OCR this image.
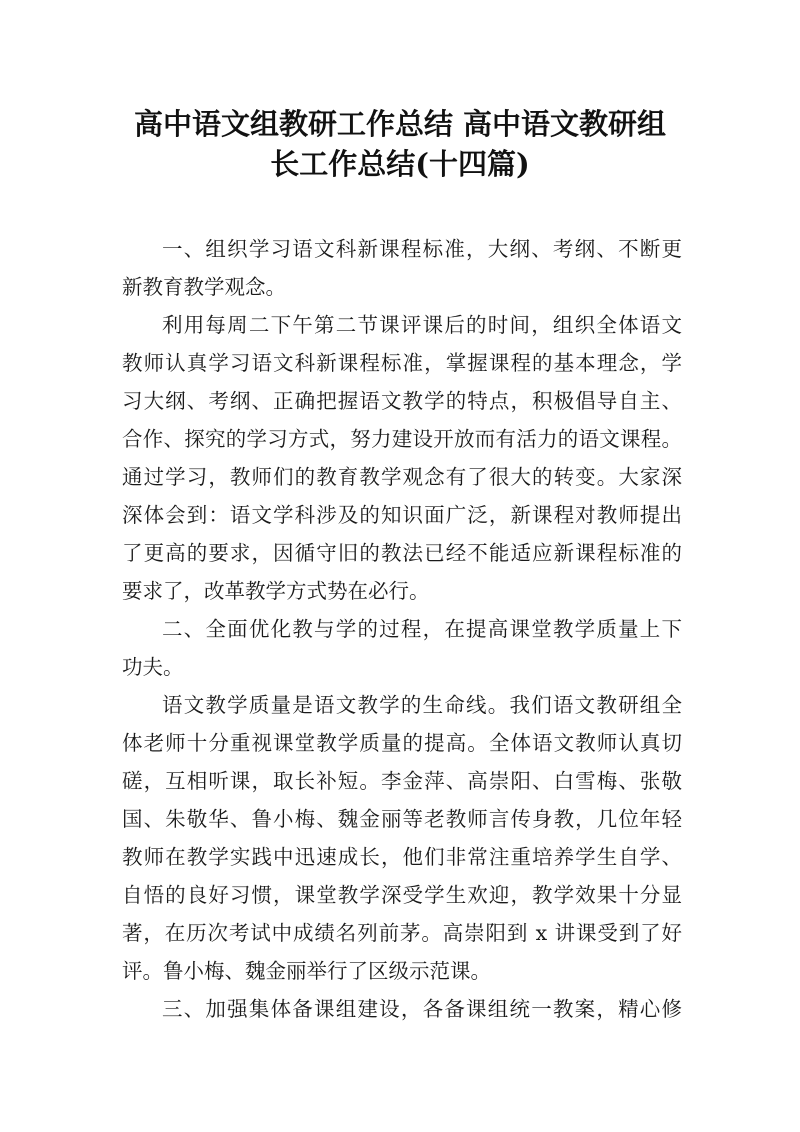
高中语文组教研工作总结 高中语文教研组
长工作总结(十四篇)
一、组织学习语文科新课程标准，大纲、考纲、不断更
新教育教学观念。
利用每周二下午第二节课评课后的时间，组织全体语文
教师认真学习语文科新课程标准，掌握课程的基本理念，学
习大纲、考纲、正确把握语文教学的特点，积极倡导自主、
合作、探究的学习方式，努力建设开放而有活力的语文课程。
通过学习，教师们的教育教学观念有了很大的转变。大家深
深体会到：语文学科涉及的知识面广泛，新课程对教师提出
了更高的要求，因循守旧的教法已经不能适应新课程标准的
要求了，改革教学方式势在必行。
二、全面优化教与学的过程，在提高课堂教学质量上下
功夫。
语文教学质量是语文教学的生命线。我们语文教研组全
体老师十分重视课堂教学质量的提高。全体语文教师认真切
磋，互相听课，取长补短。李金萍、高崇阳、白雪梅、张敬
国、朱敬华、鲁小梅、魏金丽等老教师言传身教，几位年轻
教师在教学实践中迅速成长，他们非常注重培养学生自学、
自悟的良好习惯，课堂教学深受学生欢迎，教学效果十分显
著，在历次考试中成绩名列前茅。高崇阳到 x 讲课受到了好
评。鲁小梅、魏金丽举行了区级示范课。
三、加强集体备课组建设，各备课组统一教案，精心修
